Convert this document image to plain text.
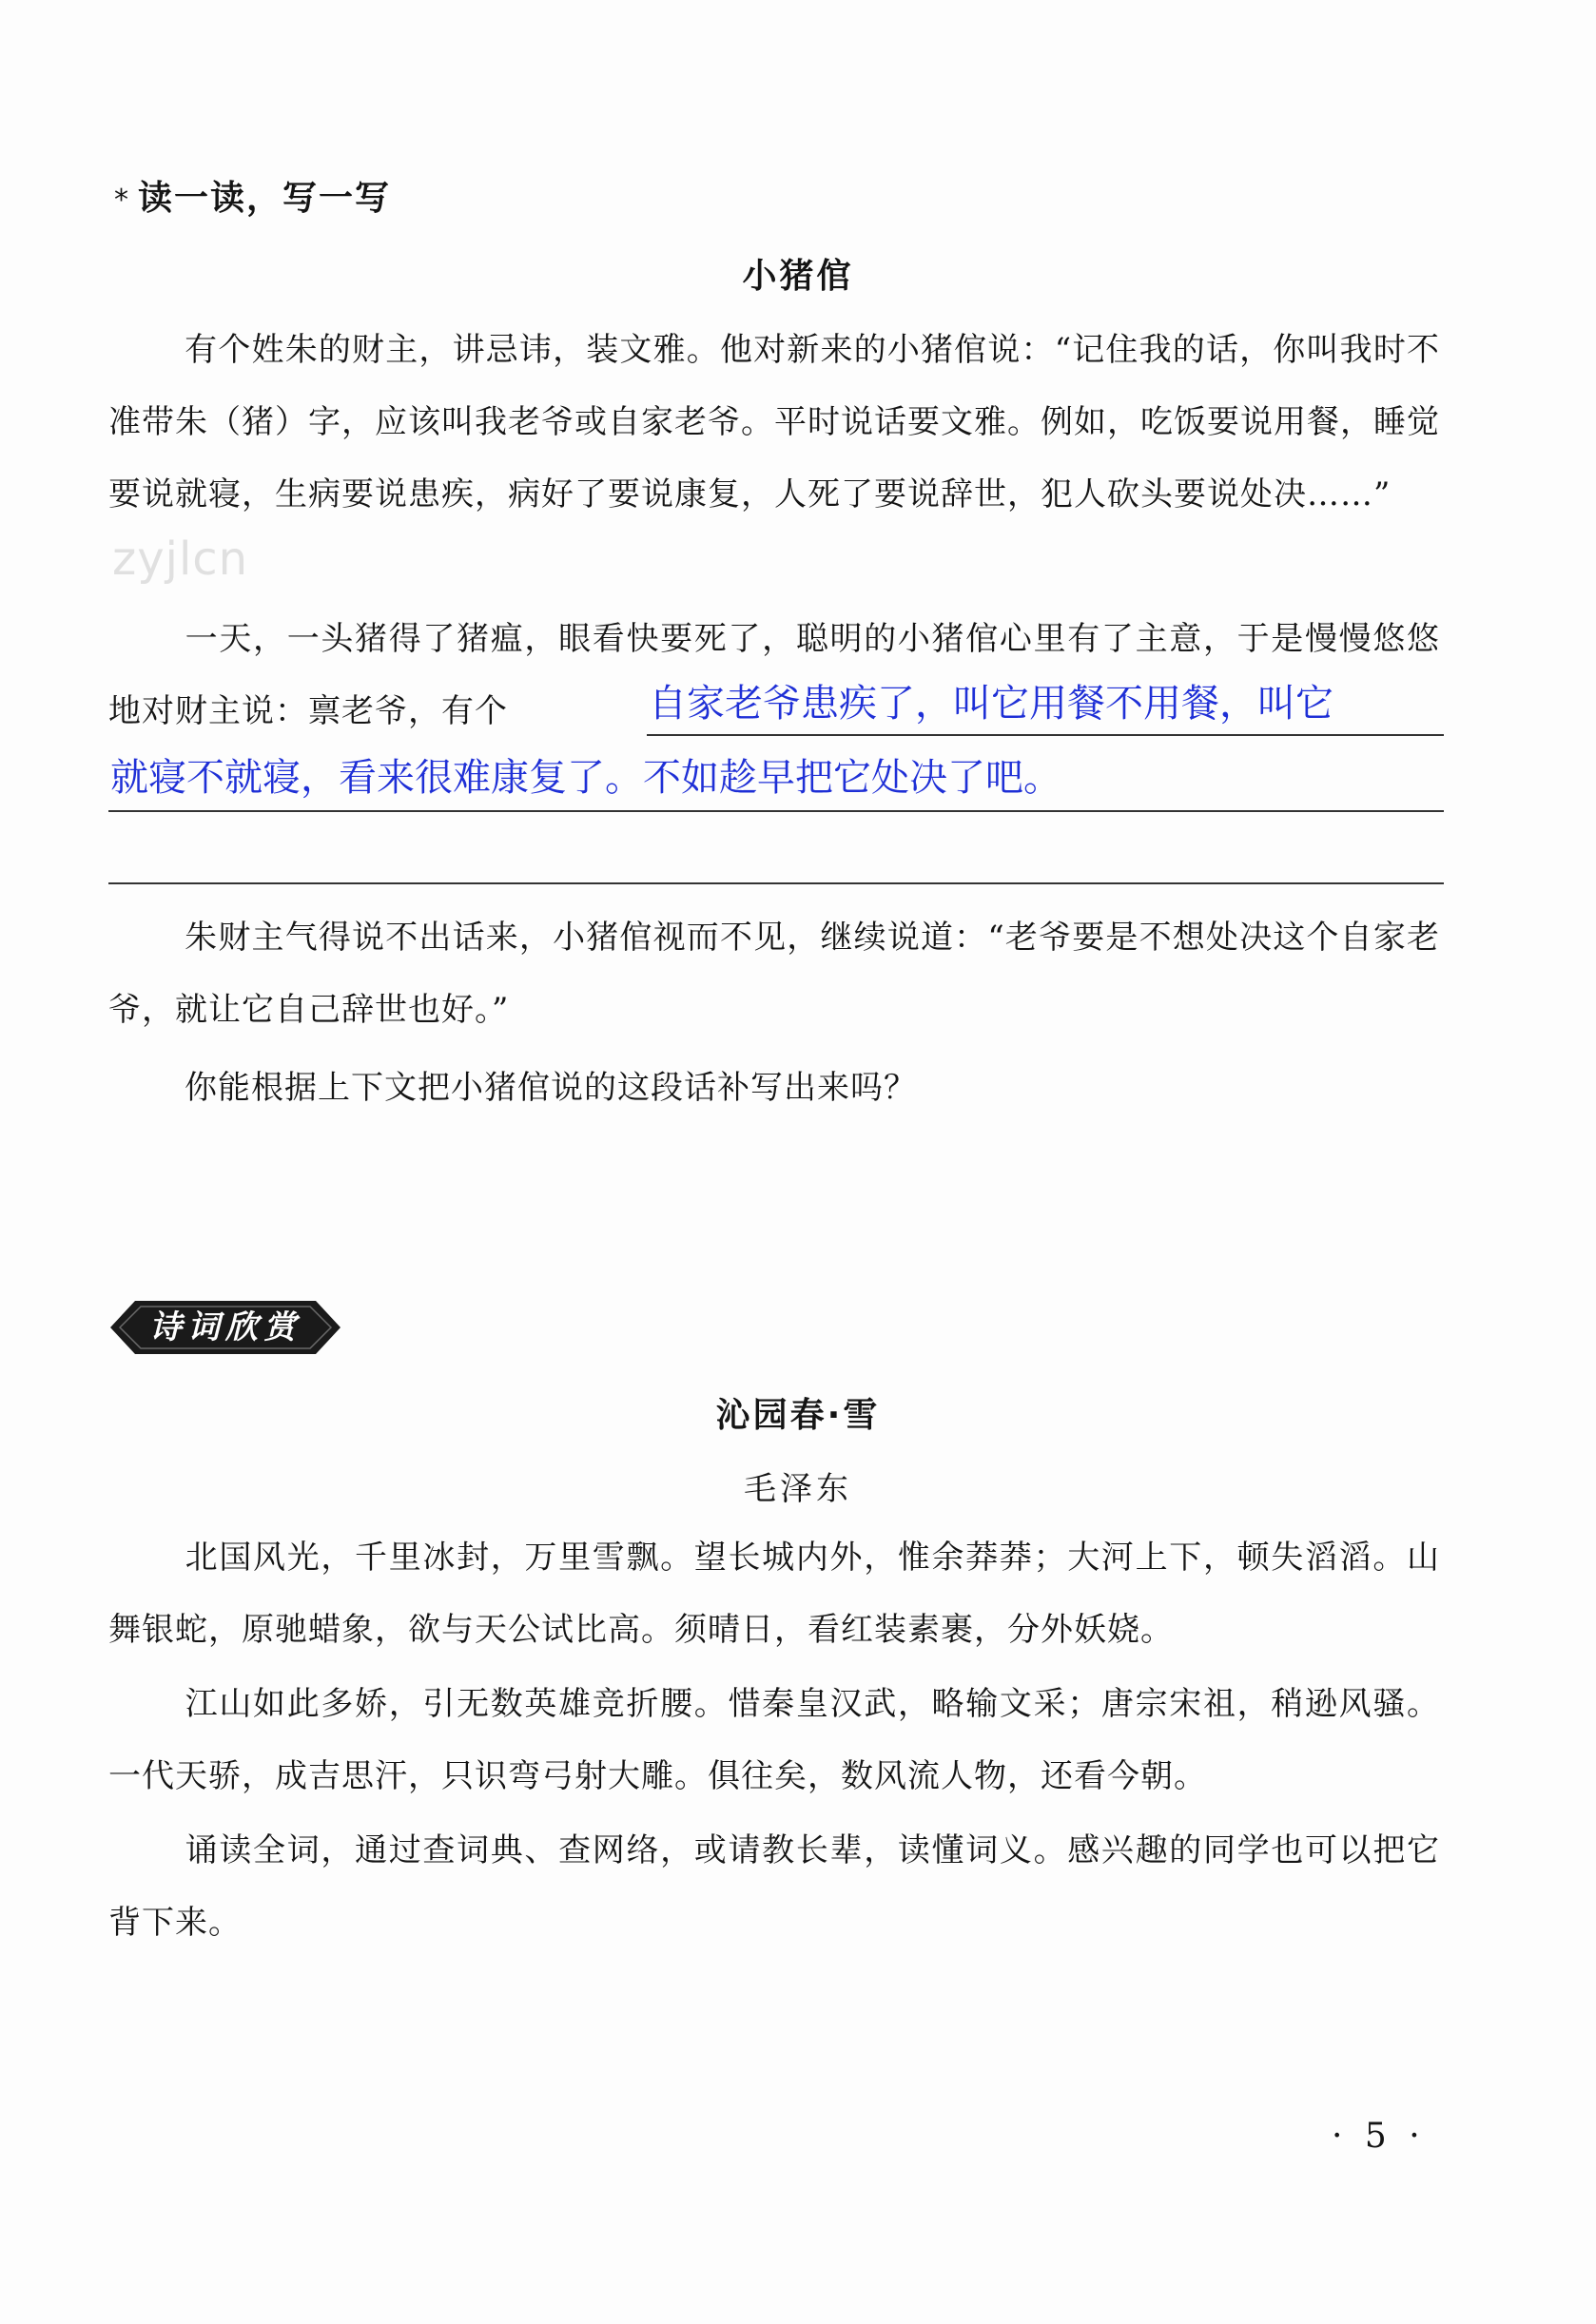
* 读一读，写一写
小猪倌

有个姓朱的财主，讲忌讳，装文雅。他对新来的小猪倌说：“记住我的话，你叫我时不准带朱（猪）字，应该叫我老爷或自家老爷。平时说话要文雅。例如，吃饭要说用餐，睡觉要说就寝，生病要说患疾，病好了要说康复，人死了要说辞世，犯人砍头要说处决……”

zyjlcn

一天，一头猪得了猪瘟，眼看快要死了，聪明的小猪倌心里有了主意，于是慢慢悠悠地对财主说：禀老爷，有个	自家老爷患疾了，叫它用餐不用餐，叫它
就寝不就寝，看来很难康复了。不如趁早把它处决了吧。

朱财主气得说不出话来，小猪倌视而不见，继续说道：“老爷要是不想处决这个自家老爷，就让它自己辞世也好。”

你能根据上下文把小猪倌说的这段话补写出来吗？

诗词欣赏
沁园春·雪
毛泽东

北国风光，千里冰封，万里雪飘。望长城内外，惟余莽莽；大河上下，顿失滔滔。山舞银蛇，原驰蜡象，欲与天公试比高。须晴日，看红装素裹，分外妖娆。

江山如此多娇，引无数英雄竞折腰。惜秦皇汉武，略输文采；唐宗宋祖，稍逊风骚。一代天骄，成吉思汗，只识弯弓射大雕。俱往矣，数风流人物，还看今朝。

诵读全词，通过查词典、查网络，或请教长辈，读懂词义。感兴趣的同学也可以把它背下来。

· 5 ·
